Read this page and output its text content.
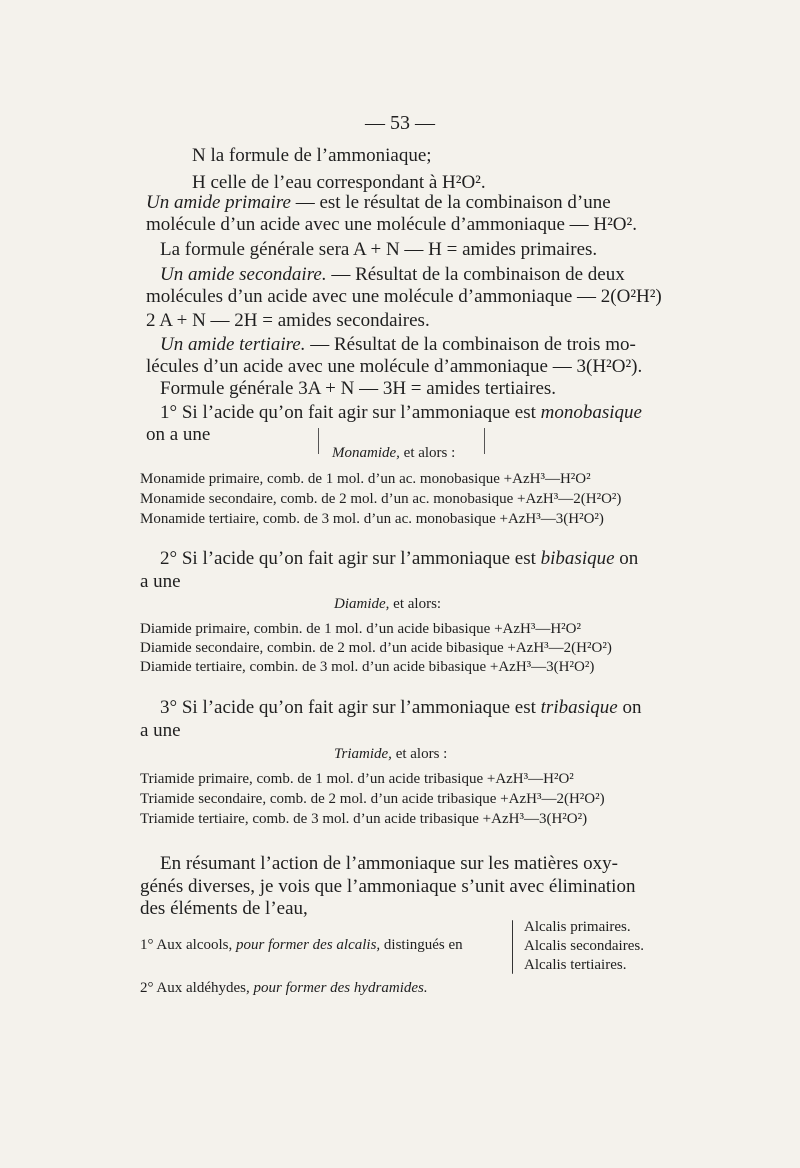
— 53 —
N la formule de l’ammoniaque;
H celle de l’eau correspondant à H²O².
Un amide primaire — est le résultat de la combinaison d’une
molécule d’un acide avec une molécule d’ammoniaque — H²O².
La formule générale sera A + N — H = amides primaires.
Un amide secondaire. — Résultat de la combinaison de deux
molécules d’un acide avec une molécule d’ammoniaque — 2(O²H²)
2 A + N — 2H = amides secondaires.
Un amide tertiaire. — Résultat de la combinaison de trois mo-
lécules d’un acide avec une molécule d’ammoniaque — 3(H²O²).
Formule générale 3A + N — 3H = amides tertiaires.
1° Si l’acide qu’on fait agir sur l’ammoniaque est monobasique
on a une
Monamide, et alors :
Monamide primaire, comb. de 1 mol. d’un ac. monobasique +AzH³—H²O²
Monamide secondaire, comb. de 2 mol. d’un ac. monobasique +AzH³—2(H²O²)
Monamide tertiaire, comb. de 3 mol. d’un ac. monobasique +AzH³—3(H²O²)
2° Si l’acide qu’on fait agir sur l’ammoniaque est bibasique on
a une
Diamide, et alors:
Diamide primaire, combin. de 1 mol. d’un acide bibasique +AzH³—H²O²
Diamide secondaire, combin. de 2 mol. d’un acide bibasique +AzH³—2(H²O²)
Diamide tertiaire, combin. de 3 mol. d’un acide bibasique +AzH³—3(H²O²)
3° Si l’acide qu’on fait agir sur l’ammoniaque est tribasique on
a une
Triamide, et alors :
Triamide primaire, comb. de 1 mol. d’un acide tribasique +AzH³—H²O²
Triamide secondaire, comb. de 2 mol. d’un acide tribasique +AzH³—2(H²O²)
Triamide tertiaire, comb. de 3 mol. d’un acide tribasique +AzH³—3(H²O²)
En résumant l’action de l’ammoniaque sur les matières oxy-
génés diverses, je vois que l’ammoniaque s’unit avec élimination
des éléments de l’eau,
1° Aux alcools, pour former des alcalis, distingués en
Alcalis primaires.
Alcalis secondaires.
Alcalis tertiaires.
2° Aux aldéhydes, pour former des hydramides.
